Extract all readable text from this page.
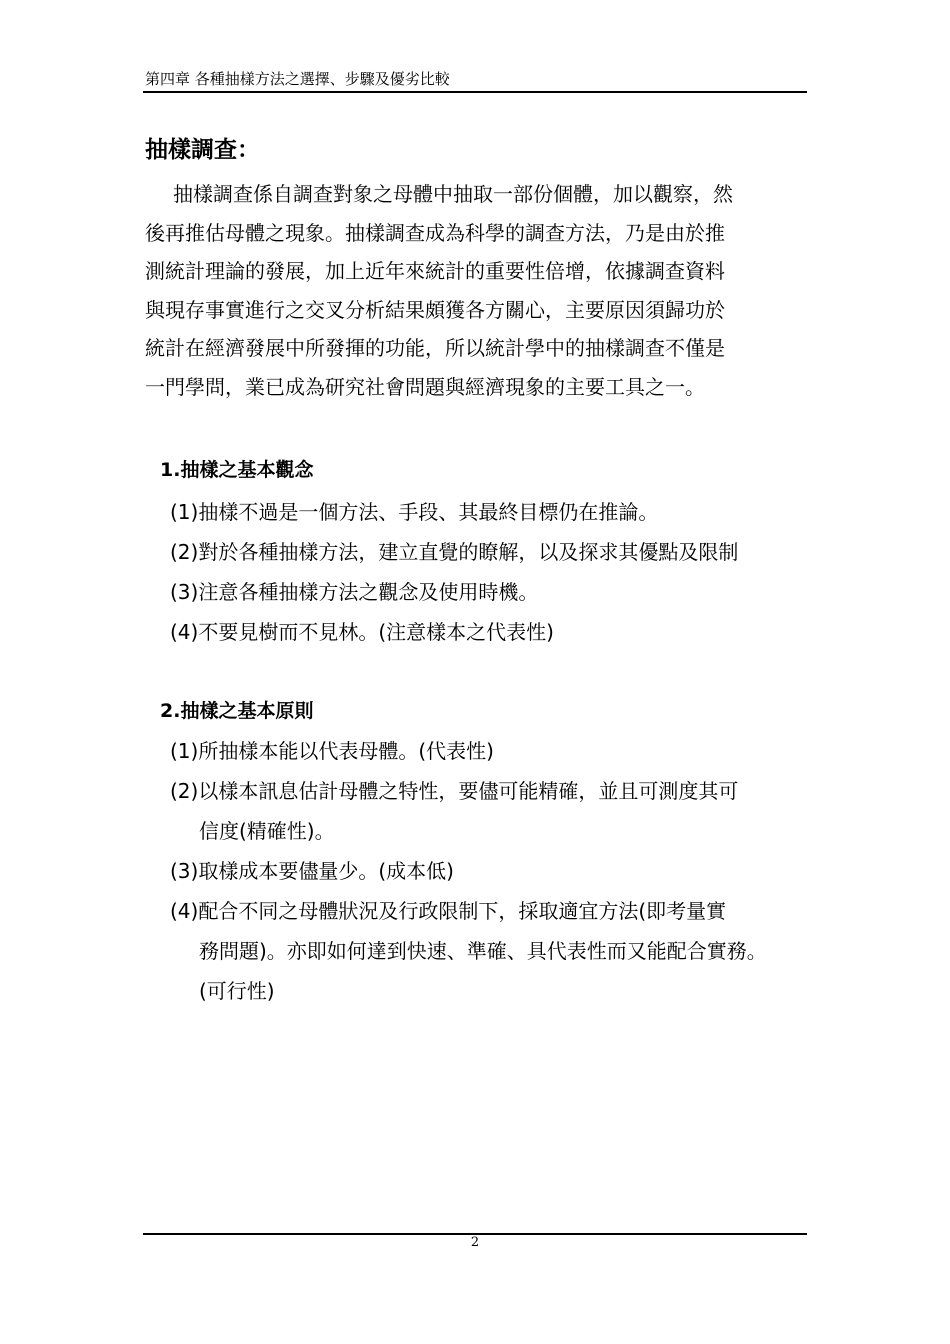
第四章 各種抽樣方法之選擇、步驟及優劣比較
抽樣調查：
抽樣調查係自調查對象之母體中抽取一部份個體，加以觀察，然
後再推估母體之現象。抽樣調查成為科學的調查方法，乃是由於推
測統計理論的發展，加上近年來統計的重要性倍增，依據調查資料
與現存事實進行之交叉分析結果頗獲各方關心，主要原因須歸功於
統計在經濟發展中所發揮的功能，所以統計學中的抽樣調查不僅是
一門學問，業已成為研究社會問題與經濟現象的主要工具之一。
1.抽樣之基本觀念
(1)抽樣不過是一個方法、手段、其最終目標仍在推論。
(2)對於各種抽樣方法，建立直覺的瞭解，以及探求其優點及限制
(3)注意各種抽樣方法之觀念及使用時機。
(4)不要見樹而不見林。(注意樣本之代表性)
2.抽樣之基本原則
(1)所抽樣本能以代表母體。(代表性)
(2)以樣本訊息估計母體之特性，要儘可能精確，並且可測度其可
信度(精確性)。
(3)取樣成本要儘量少。(成本低)
(4)配合不同之母體狀況及行政限制下，採取適宜方法(即考量實
務問題)。亦即如何達到快速、準確、具代表性而又能配合實務。
(可行性)
2
